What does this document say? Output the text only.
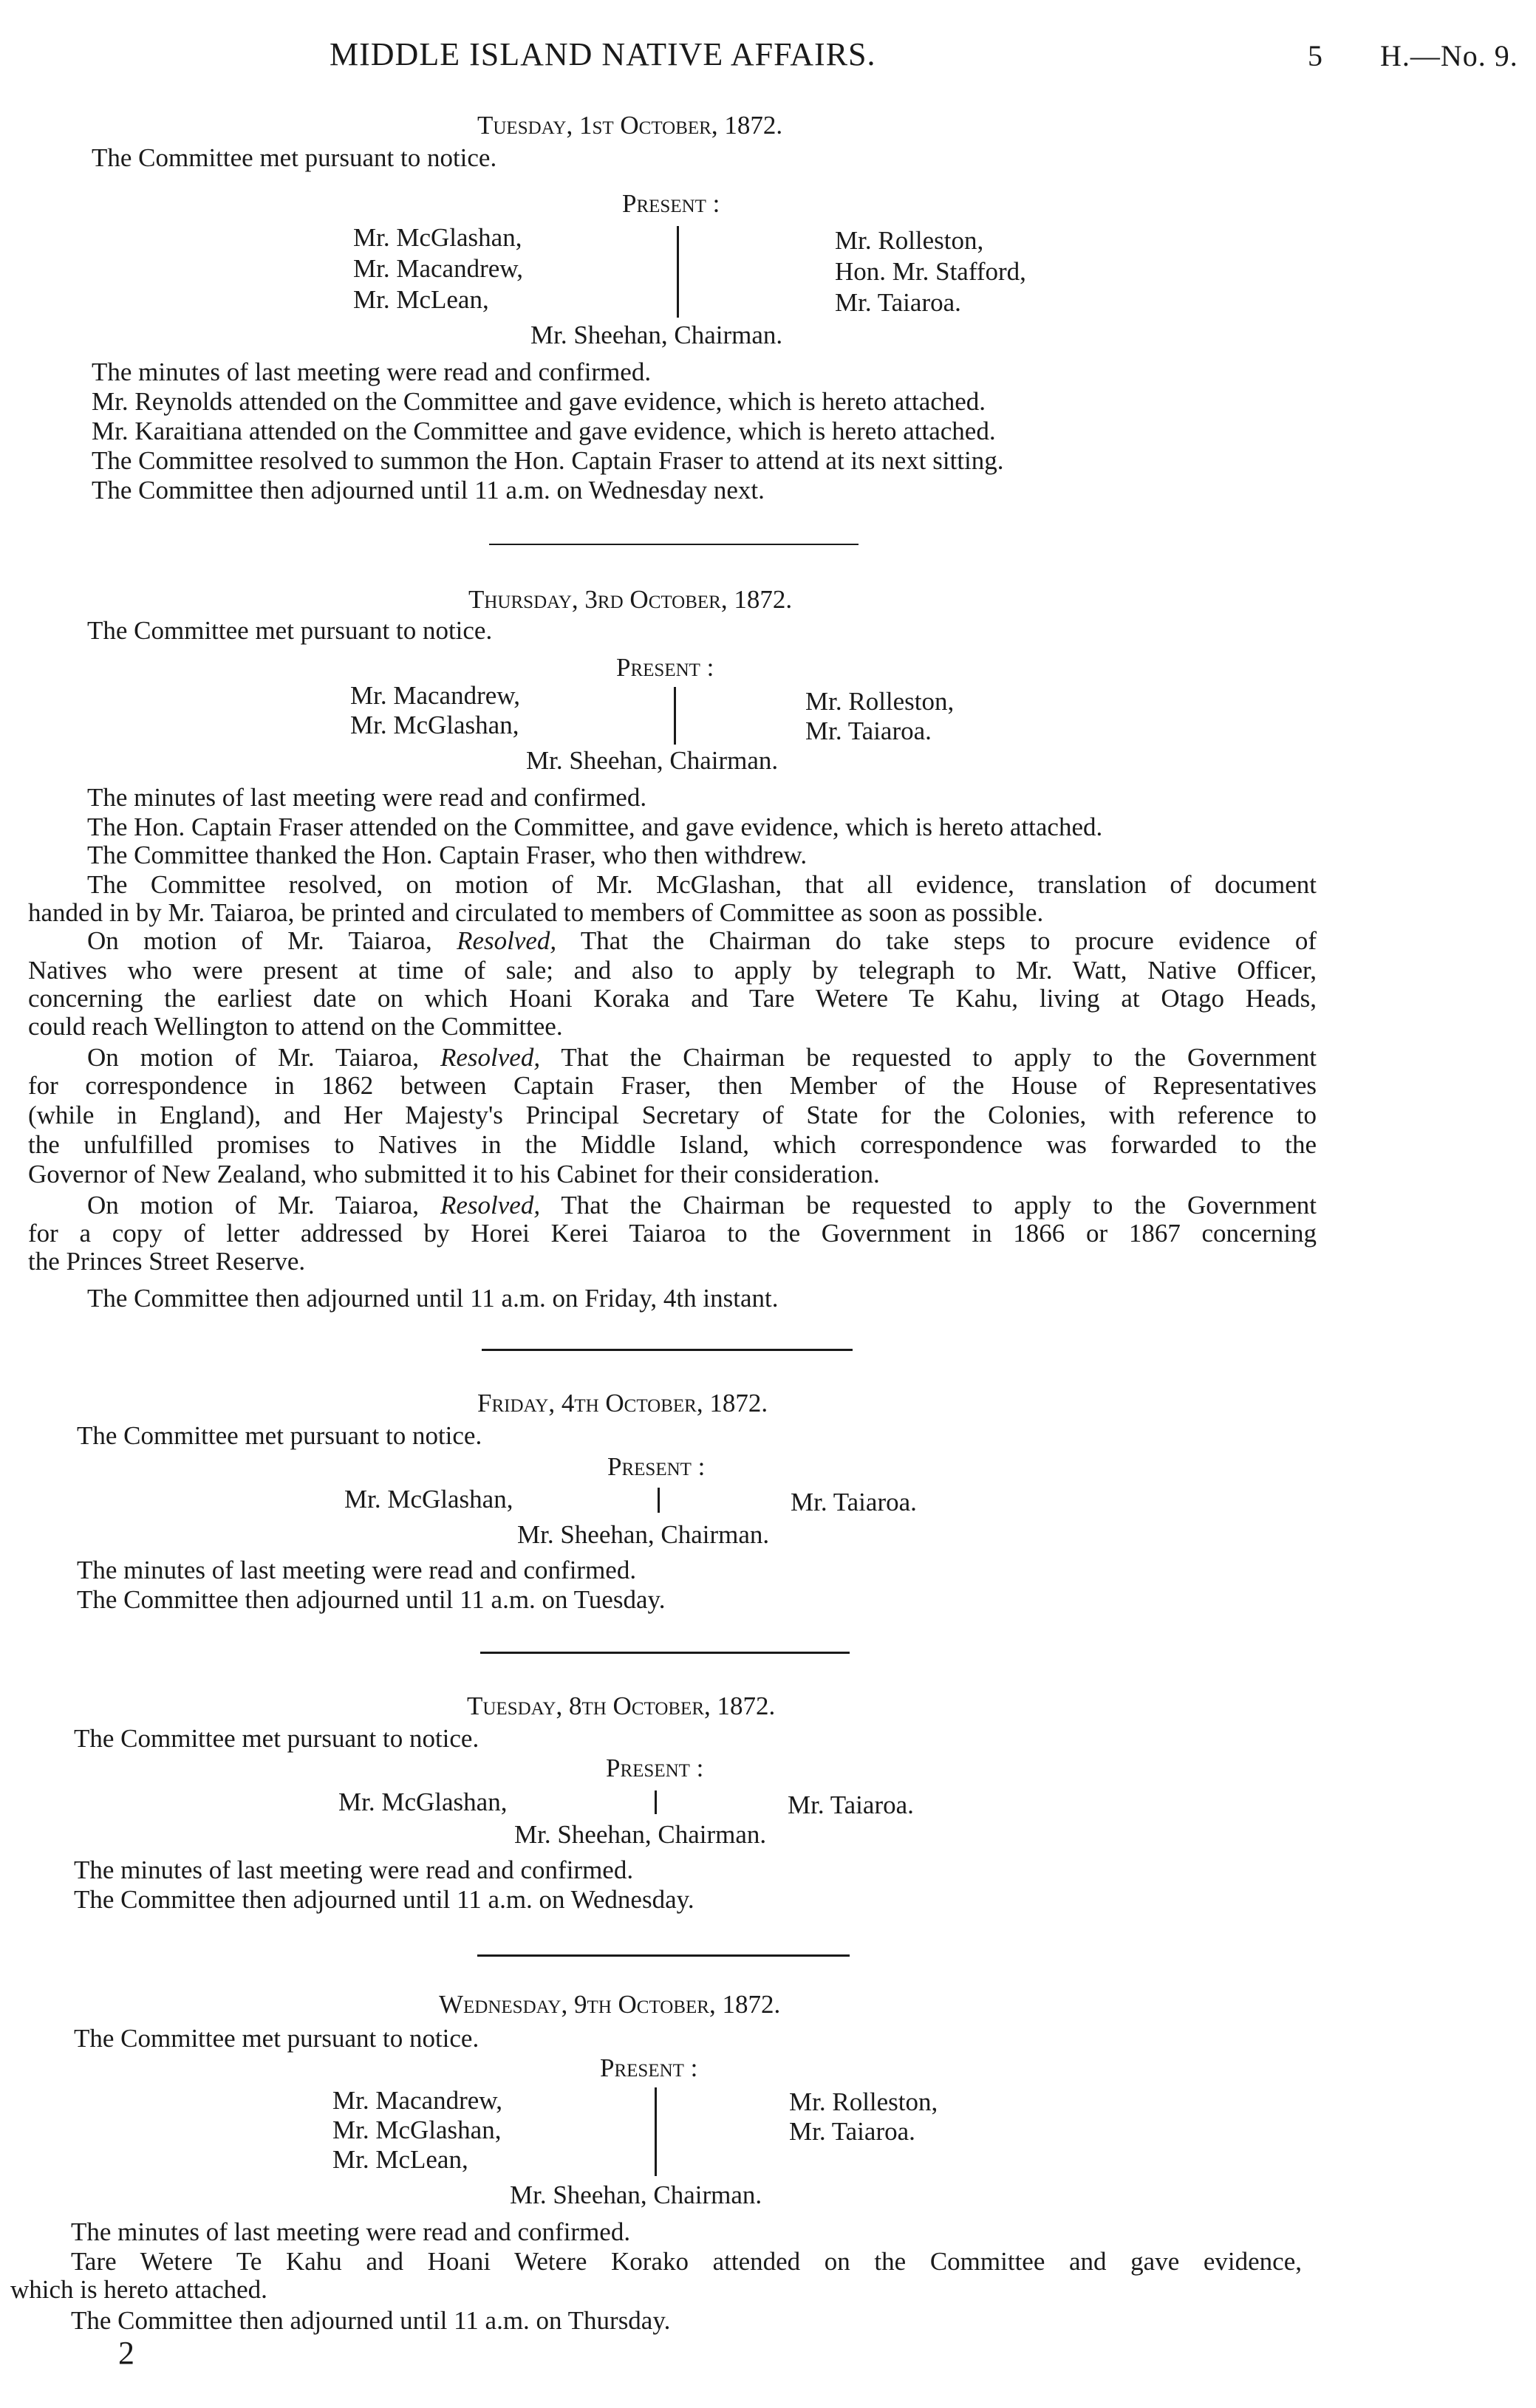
MIDDLE ISLAND NATIVE AFFAIRS.	5 H.—No. 9.
Tuesday, 1st October, 1872.
The Committee met pursuant to notice.
Present :
Mr. McGlashan,
Mr. Macandrew,
Mr. McLean,
Mr. Rolleston,
Hon. Mr. Stafford,
Mr. Taiaroa.
Mr. Sheehan, Chairman.
The minutes of last meeting were read and confirmed.
Mr. Reynolds attended on the Committee and gave evidence, which is hereto attached.
Mr. Karaitiana attended on the Committee and gave evidence, which is hereto attached.
The Committee resolved to summon the Hon. Captain Fraser to attend at its next sitting.
The Committee then adjourned until 11 a.m. on Wednesday next.
Thursday, 3rd October, 1872.
The Committee met pursuant to notice.
Present :
Mr. Macandrew,
Mr. McGlashan,
Mr. Rolleston,
Mr. Taiaroa.
Mr. Sheehan, Chairman.
The minutes of last meeting were read and confirmed.
The Hon. Captain Fraser attended on the Committee, and gave evidence, which is hereto attached.
The Committee thanked the Hon. Captain Fraser, who then withdrew.
The Committee resolved, on motion of Mr. McGlashan, that all evidence, translation of document
handed in by Mr. Taiaroa, be printed and circulated to members of Committee as soon as possible.
On motion of Mr. Taiaroa, Resolved, That the Chairman do take steps to procure evidence of
Natives who were present at time of sale; and also to apply by telegraph to Mr. Watt, Native Officer,
concerning the earliest date on which Hoani Koraka and Tare Wetere Te Kahu, living at Otago Heads,
could reach Wellington to attend on the Committee.
On motion of Mr. Taiaroa, Resolved, That the Chairman be requested to apply to the Government
for correspondence in 1862 between Captain Fraser, then Member of the House of Representatives
(while in England), and Her Majesty's Principal Secretary of State for the Colonies, with reference to
the unfulfilled promises to Natives in the Middle Island, which correspondence was forwarded to the
Governor of New Zealand, who submitted it to his Cabinet for their consideration.
On motion of Mr. Taiaroa, Resolved, That the Chairman be requested to apply to the Government
for a copy of letter addressed by Horei Kerei Taiaroa to the Government in 1866 or 1867 concerning
the Princes Street Reserve.
The Committee then adjourned until 11 a.m. on Friday, 4th instant.
Friday, 4th October, 1872.
The Committee met pursuant to notice.
Present :
Mr. McGlashan,	Mr. Taiaroa.
Mr. Sheehan, Chairman.
The minutes of last meeting were read and confirmed.
The Committee then adjourned until 11 a.m. on Tuesday.
Tuesday, 8th October, 1872.
The Committee met pursuant to notice.
Present :
Mr. McGlashan,	Mr. Taiaroa.
Mr. Sheehan, Chairman.
The minutes of last meeting were read and confirmed.
The Committee then adjourned until 11 a.m. on Wednesday.
Wednesday, 9th October, 1872.
The Committee met pursuant to notice.
Present :
Mr. Macandrew,
Mr. McGlashan,
Mr. McLean,
Mr. Rolleston,
Mr. Taiaroa.
Mr. Sheehan, Chairman.
The minutes of last meeting were read and confirmed.
Tare Wetere Te Kahu and Hoani Wetere Korako attended on the Committee and gave evidence,
which is hereto attached.
The Committee then adjourned until 11 a.m. on Thursday.
2
